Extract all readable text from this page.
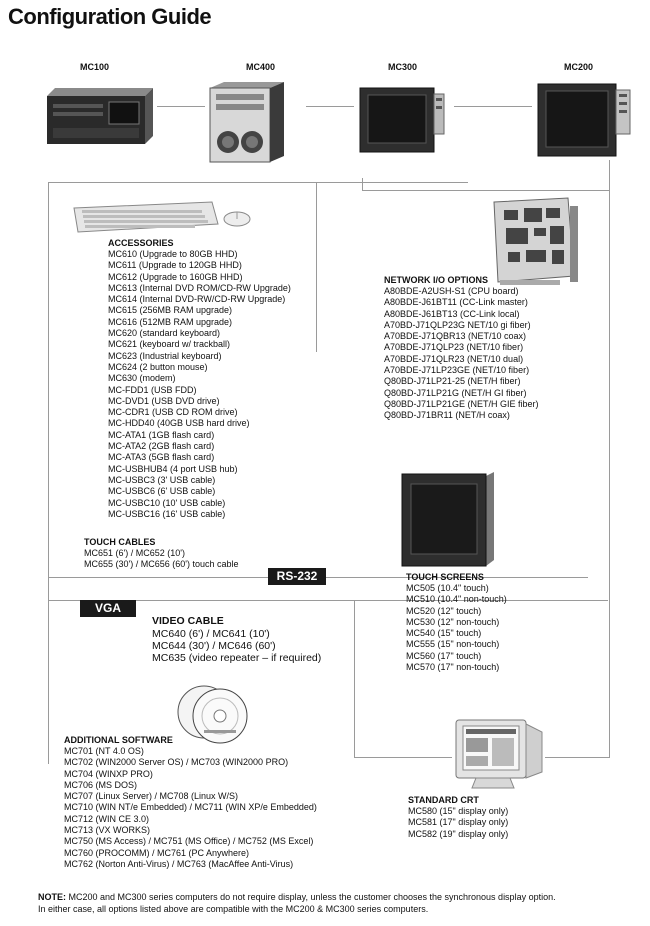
Configuration Guide
MC100	MC400	MC300	MC200
ACCESSORIES
MC610 (Upgrade to 80GB HHD)
MC611 (Upgrade to 120GB HHD)
MC612 (Upgrade to 160GB HHD)
MC613 (Internal DVD ROM/CD-RW Upgrade)
MC614 (Internal DVD-RW/CD-RW Upgrade)
MC615 (256MB RAM upgrade)
MC616 (512MB RAM upgrade)
MC620 (standard keyboard)
MC621 (keyboard w/ trackball)
MC623 (Industrial keyboard)
MC624 (2 button mouse)
MC630 (modem)
MC-FDD1 (USB FDD)
MC-DVD1 (USB DVD drive)
MC-CDR1 (USB CD ROM drive)
MC-HDD40 (40GB USB hard drive)
MC-ATA1 (1GB flash card)
MC-ATA2 (2GB flash card)
MC-ATA3 (5GB flash card)
MC-USBHUB4 (4 port USB hub)
MC-USBC3 (3' USB cable)
MC-USBC6 (6' USB cable)
MC-USBC10 (10' USB cable)
MC-USBC16 (16' USB cable)
NETWORK I/O OPTIONS
A80BDE-A2USH-S1 (CPU board)
A80BDE-J61BT11 (CC-Link master)
A80BDE-J61BT13 (CC-Link local)
A70BD-J71QLP23G NET/10 gi fiber)
A70BDE-J71QBR13 (NET/10 coax)
A70BDE-J71QLP23 (NET/10 fiber)
A70BDE-J71QLR23 (NET/10 dual)
A70BDE-J71LP23GE (NET/10 fiber)
Q80BD-J71LP21-25 (NET/H fiber)
Q80BD-J71LP21G (NET/H GI fiber)
Q80BD-J71LP21GE (NET/H GIE fiber)
Q80BD-J71BR11 (NET/H coax)
TOUCH CABLES
MC651 (6') / MC652 (10')
MC655 (30') / MC656 (60') touch cable
RS-232
VGA
VIDEO CABLE
MC640 (6') / MC641 (10')
MC644 (30') / MC646 (60')
MC635 (video repeater – if required)
TOUCH SCREENS
MC505 (10.4" touch)
MC510 (10.4" non-touch)
MC520 (12" touch)
MC530 (12" non-touch)
MC540 (15" touch)
MC555 (15" non-touch)
MC560 (17" touch)
MC570 (17" non-touch)
ADDITIONAL SOFTWARE
MC701 (NT 4.0 OS)
MC702 (WIN2000 Server OS) / MC703 (WIN2000 PRO)
MC704 (WINXP PRO)
MC706 (MS DOS)
MC707 (Linux Server) / MC708 (Linux W/S)
MC710 (WIN NT/e Embedded) / MC711 (WIN XP/e Embedded)
MC712 (WIN CE 3.0)
MC713 (VX WORKS)
MC750 (MS Access) / MC751 (MS Office) / MC752 (MS Excel)
MC760 (PROCOMM) / MC761 (PC Anywhere)
MC762 (Norton Anti-Virus) / MC763 (MacAffee Anti-Virus)
STANDARD CRT
MC580 (15" display only)
MC581 (17" display only)
MC582 (19" display only)
NOTE: MC200 and MC300 series computers do not require display, unless the customer chooses the synchronous display option.
In either case, all options listed above are compatible with the MC200 & MC300 series computers.
